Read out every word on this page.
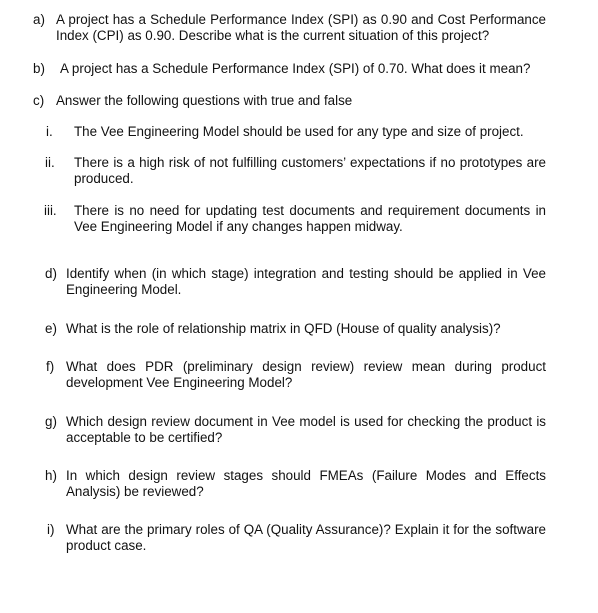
a) A project has a Schedule Performance Index (SPI) as 0.90 and Cost Performance Index (CPI) as 0.90. Describe what is the current situation of this project?
b) A project has a Schedule Performance Index (SPI) of 0.70. What does it mean?
c) Answer the following questions with true and false
i. The Vee Engineering Model should be used for any type and size of project.
ii. There is a high risk of not fulfilling customers’ expectations if no prototypes are produced.
iii. There is no need for updating test documents and requirement documents in Vee Engineering Model if any changes happen midway.
d) Identify when (in which stage) integration and testing should be applied in Vee Engineering Model.
e) What is the role of relationship matrix in QFD (House of quality analysis)?
f) What does PDR (preliminary design review) review mean during product development Vee Engineering Model?
g) Which design review document in Vee model is used for checking the product is acceptable to be certified?
h) In which design review stages should FMEAs (Failure Modes and Effects Analysis) be reviewed?
i) What are the primary roles of QA (Quality Assurance)? Explain it for the software product case.
